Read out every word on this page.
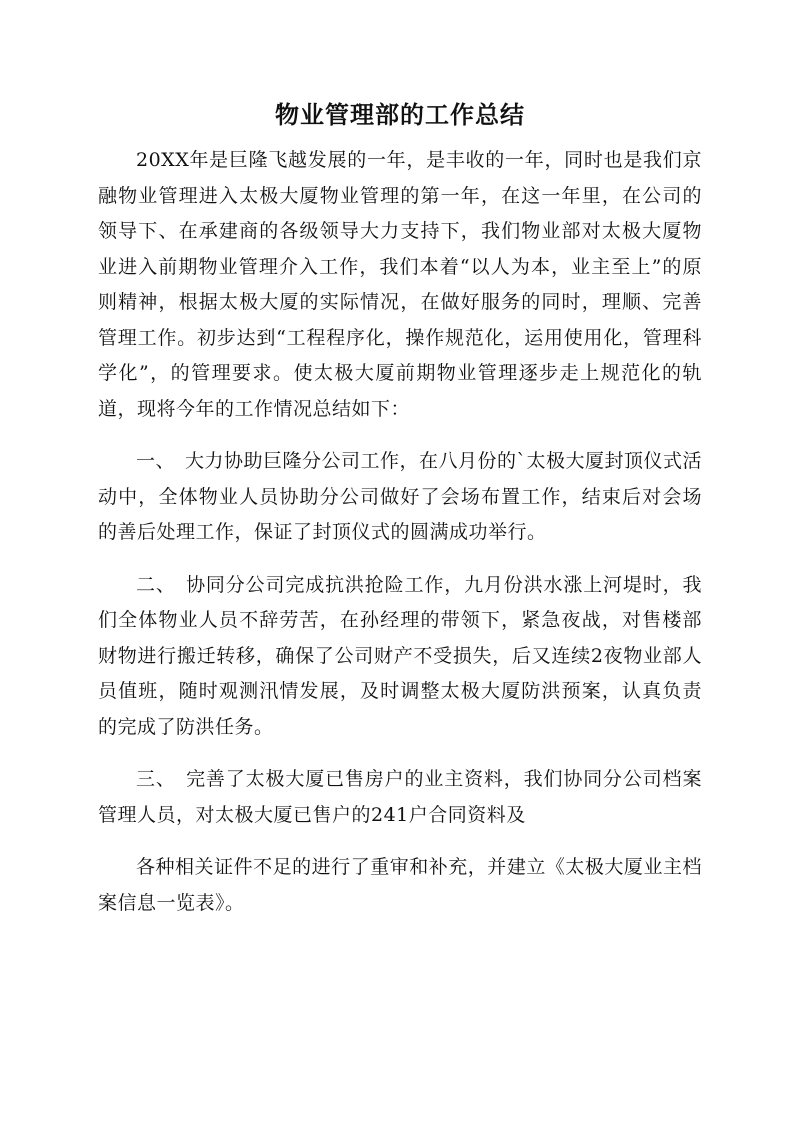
物业管理部的工作总结

20XX年是巨隆飞越发展的一年，是丰收的一年，同时也是我们京融物业管理进入太极大厦物业管理的第一年，在这一年里，在公司的领导下、在承建商的各级领导大力支持下，我们物业部对太极大厦物业进入前期物业管理介入工作，我们本着“以人为本，业主至上”的原则精神，根据太极大厦的实际情况，在做好服务的同时，理顺、完善管理工作。初步达到“工程程序化，操作规范化，运用使用化，管理科学化”，的管理要求。使太极大厦前期物业管理逐步走上规范化的轨道，现将今年的工作情况总结如下：

一、　大力协助巨隆分公司工作，在八月份的`太极大厦封顶仪式活动中，全体物业人员协助分公司做好了会场布置工作，结束后对会场的善后处理工作，保证了封顶仪式的圆满成功举行。

二、　协同分公司完成抗洪抢险工作，九月份洪水涨上河堤时，我们全体物业人员不辞劳苦，在孙经理的带领下，紧急夜战，对售楼部财物进行搬迁转移，确保了公司财产不受损失，后又连续2夜物业部人员值班，随时观测汛情发展，及时调整太极大厦防洪预案，认真负责的完成了防洪任务。

三、　完善了太极大厦已售房户的业主资料，我们协同分公司档案管理人员，对太极大厦已售户的241户合同资料及

各种相关证件不足的进行了重审和补充，并建立《太极大厦业主档案信息一览表》。
